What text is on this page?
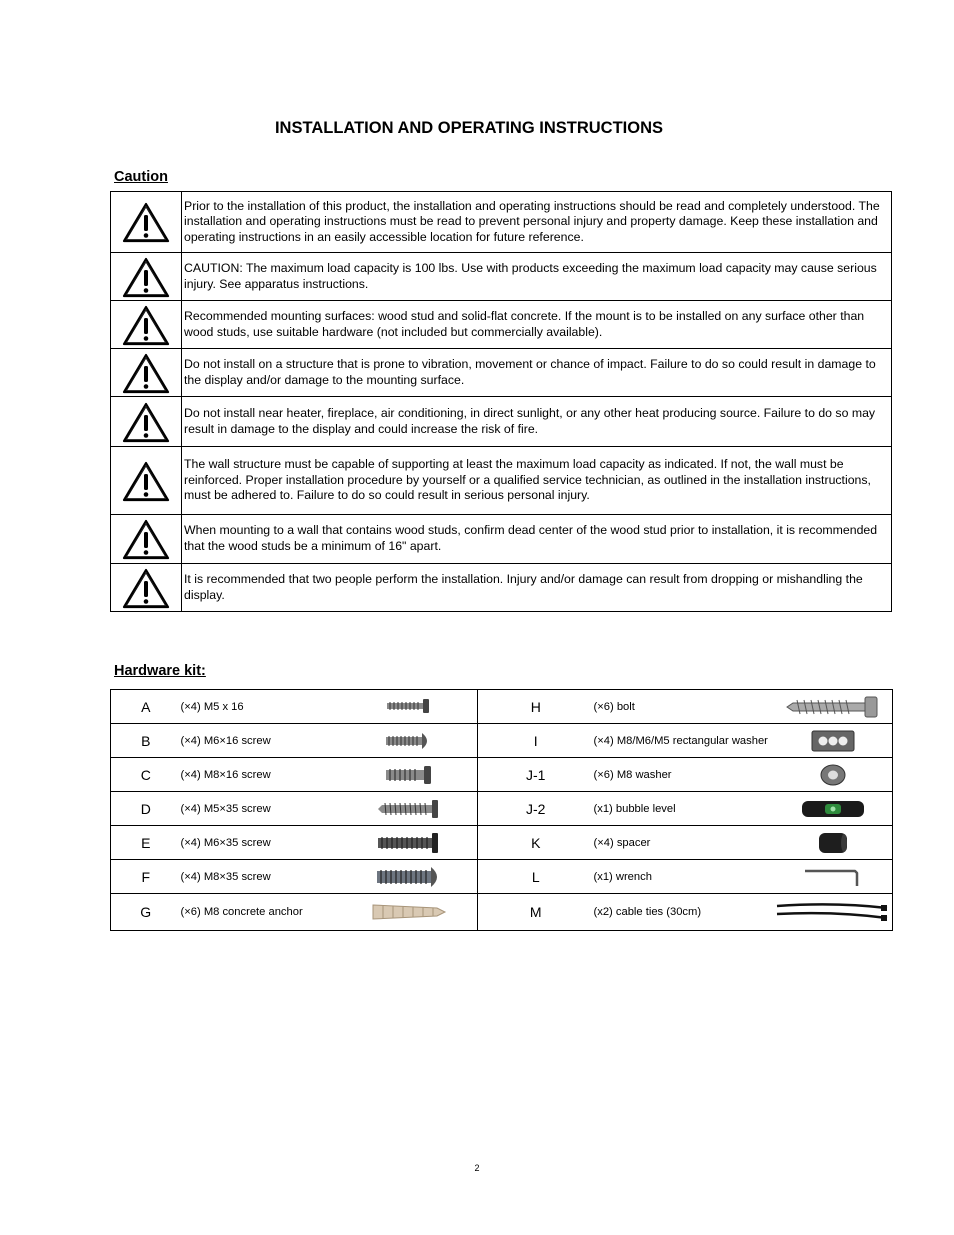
INSTALLATION AND OPERATING INSTRUCTIONS
Caution
	Prior to the installation of this product, the installation and operating instructions should be read and completely understood. The installation and operating instructions must be read to prevent personal injury and property damage. Keep these installation and operating instructions in an easily accessible location for future reference.

	CAUTION: The maximum load capacity is 100 lbs. Use with products exceeding the maximum load capacity may cause serious injury. See apparatus instructions.

	Recommended mounting surfaces: wood stud and solid-flat concrete. If the mount is to be installed on any surface other than wood studs, use suitable hardware (not included but commercially available).

	Do not install on a structure that is prone to vibration, movement or chance of impact. Failure to do so could result in damage to the display and/or damage to the mounting surface.

	Do not install near heater, fireplace, air conditioning, in direct sunlight, or any other heat producing source. Failure to do so may result in damage to the display and could increase the risk of fire.

	The wall structure must be capable of supporting at least the maximum load capacity as indicated. If not, the wall must be reinforced. Proper installation procedure by yourself or a qualified service technician, as outlined in the installation instructions, must be adhered to. Failure to do so could result in serious personal injury.

	When mounting to a wall that contains wood studs, confirm dead center of the wood stud prior to installation, it is recommended that the wood studs be a minimum of 16" apart.

	It is recommended that two people perform the installation. Injury and/or damage can result from dropping or mishandling the display.
Hardware kit:
A	(×4) M5 x 16		H	(×6) bolt	
B	(×4) M6×16 screw		I	(×4) M8/M6/M5 rectangular washer	
C	(×4) M8×16 screw		J-1	(×6) M8 washer	
D	(×4) M5×35 screw		J-2	(x1) bubble level	
E	(×4) M6×35 screw		K	(×4) spacer	
F	(×4) M8×35 screw		L	(x1) wrench	
G	(×6) M8 concrete anchor		M	(x2) cable ties (30cm)	
2
